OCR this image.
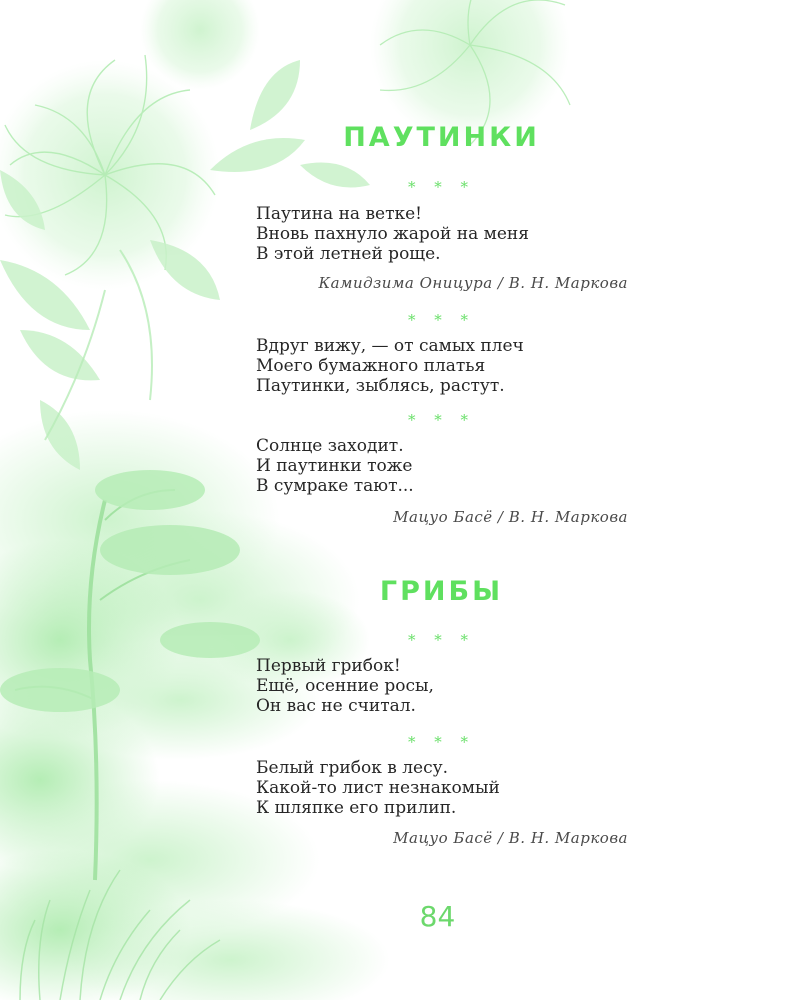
ПАУТИНКИ
* * *
Паутина на ветке!
Вновь пахнуло жарой на меня
В этой летней роще.
Камидзима Оницура / В. Н. Маркова
* * *
Вдруг вижу, — от самых плеч
Моего бумажного платья
Паутинки, зыблясь, растут.
* * *
Солнце заходит.
И паутинки тоже
В сумраке тают...
Мацуо Басё / В. Н. Маркова
ГРИБЫ
* * *
Первый грибок!
Ещё, осенние росы,
Он вас не считал.
* * *
Белый грибок в лесу.
Какой-то лист незнакомый
К шляпке его прилип.
Мацуо Басё / В. Н. Маркова
84
